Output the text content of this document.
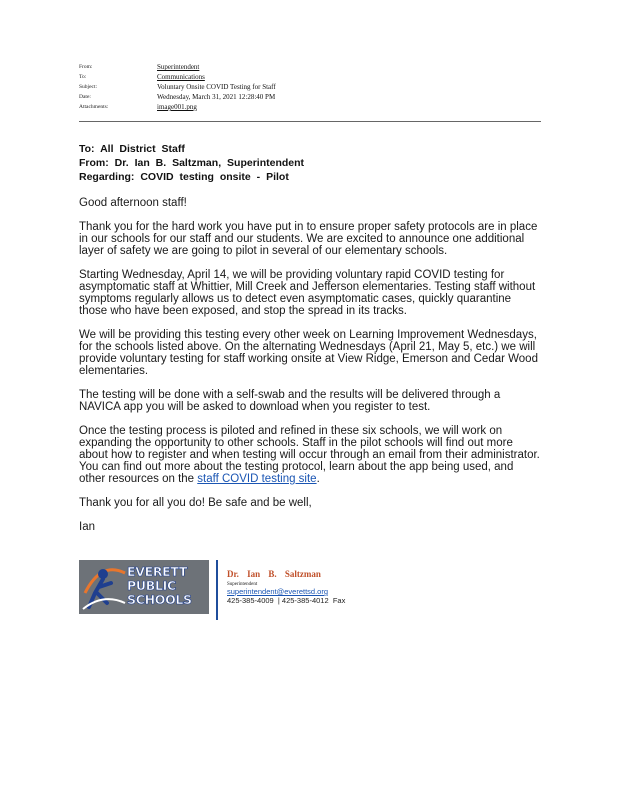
From:	Superintendent
To:	Communications
Subject:	Voluntary Onsite COVID Testing for Staff
Date:	Wednesday, March 31, 2021 12:28:40 PM
Attachments:	image001.png
To: All District Staff
From: Dr. Ian B. Saltzman, Superintendent
Regarding: COVID testing onsite - Pilot

Good afternoon staff!

Thank you for the hard work you have put in to ensure proper safety protocols are in place in our schools for our staff and our students. We are excited to announce one additional layer of safety we are going to pilot in several of our elementary schools.

Starting Wednesday, April 14, we will be providing voluntary rapid COVID testing for asymptomatic staff at Whittier, Mill Creek and Jefferson elementaries. Testing staff without symptoms regularly allows us to detect even asymptomatic cases, quickly quarantine those who have been exposed, and stop the spread in its tracks.

We will be providing this testing every other week on Learning Improvement Wednesdays, for the schools listed above. On the alternating Wednesdays (April 21, May 5, etc.) we will provide voluntary testing for staff working onsite at View Ridge, Emerson and Cedar Wood elementaries.

The testing will be done with a self-swab and the results will be delivered through a NAVICA app you will be asked to download when you register to test.

Once the testing process is piloted and refined in these six schools, we will work on expanding the opportunity to other schools. Staff in the pilot schools will find out more about how to register and when testing will occur through an email from their administrator. You can find out more about the testing protocol, learn about the app being used, and other resources on the staff COVID testing site.

Thank you for all you do! Be safe and be well,

Ian

EVERETT
PUBLIC
SCHOOLS
Dr. Ian B. Saltzman
Superintendent
superintendent@everettsd.org
425-385-4009 | 425-385-4012 Fax
